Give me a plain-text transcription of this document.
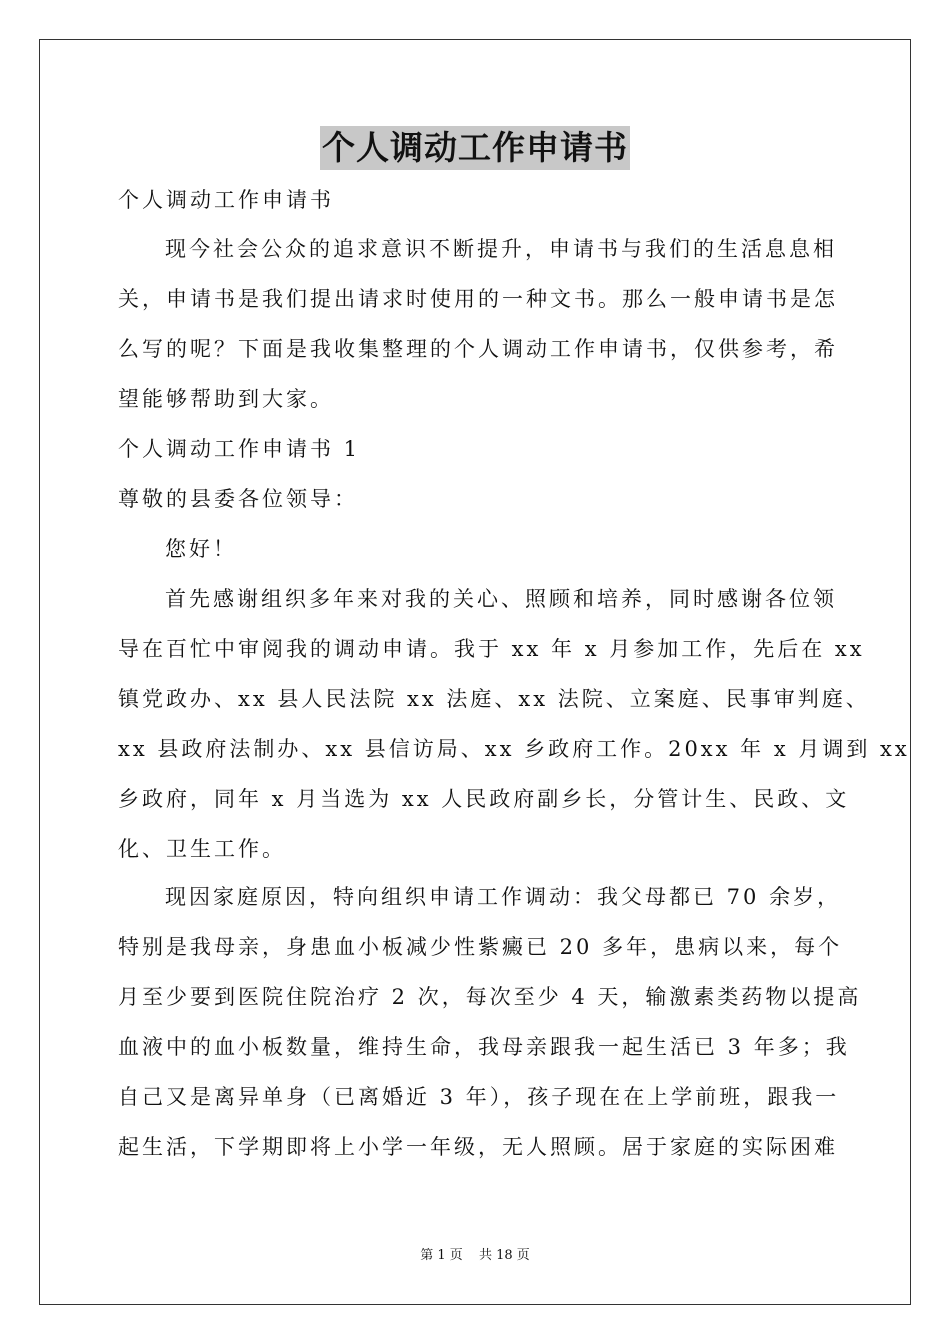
个人调动工作申请书
个人调动工作申请书
现今社会公众的追求意识不断提升，申请书与我们的生活息息相
关，申请书是我们提出请求时使用的一种文书。那么一般申请书是怎
么写的呢？下面是我收集整理的个人调动工作申请书，仅供参考，希
望能够帮助到大家。
个人调动工作申请书 1
尊敬的县委各位领导：
您好！
首先感谢组织多年来对我的关心、照顾和培养，同时感谢各位领
导在百忙中审阅我的调动申请。我于 xx 年 x 月参加工作，先后在 xx
镇党政办、xx 县人民法院 xx 法庭、xx 法院、立案庭、民事审判庭、
xx 县政府法制办、xx 县信访局、xx 乡政府工作。20xx 年 x 月调到 xx
乡政府，同年 x 月当选为 xx 人民政府副乡长，分管计生、民政、文
化、卫生工作。
现因家庭原因，特向组织申请工作调动：我父母都已 70 余岁，
特别是我母亲，身患血小板减少性紫癜已 20 多年，患病以来，每个
月至少要到医院住院治疗 2 次，每次至少 4 天，输激素类药物以提高
血液中的血小板数量，维持生命，我母亲跟我一起生活已 3 年多；我
自己又是离异单身（已离婚近 3 年），孩子现在在上学前班，跟我一
起生活，下学期即将上小学一年级，无人照顾。居于家庭的实际困难
第 1 页 共 18 页
